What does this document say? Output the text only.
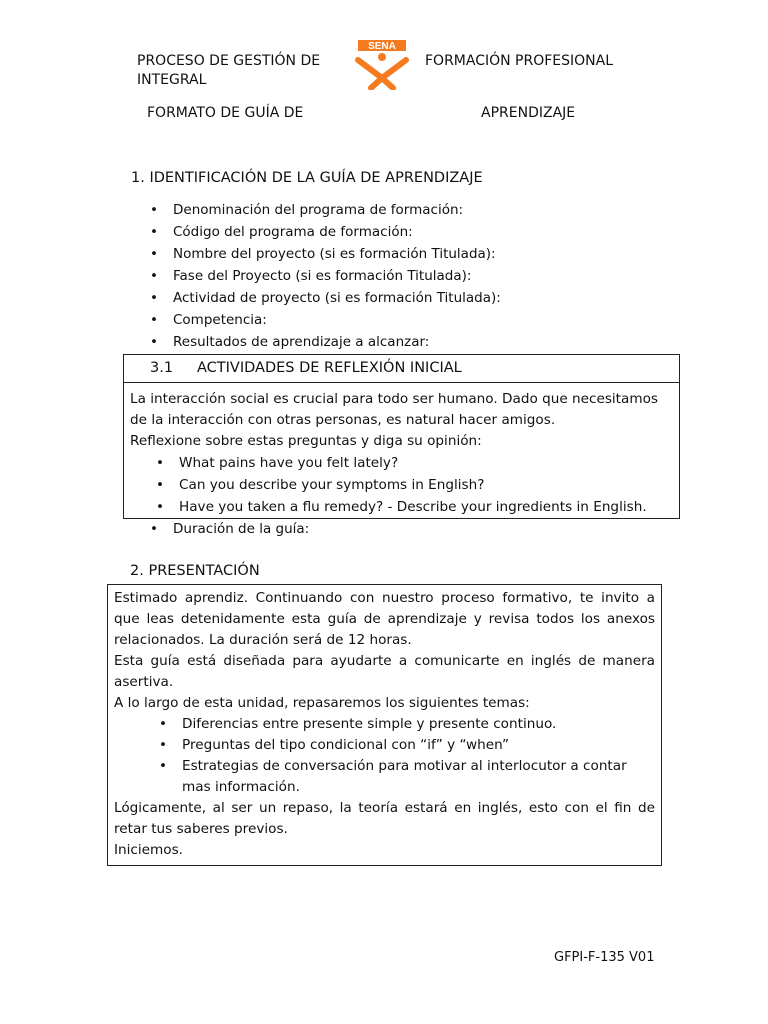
PROCESO DE GESTIÓN DE
INTEGRAL
SENA
FORMACIÓN PROFESIONAL
FORMATO DE GUÍA DE	APRENDIZAJE
1. IDENTIFICACIÓN DE LA GUÍA DE APRENDIZAJE
• Denominación del programa de formación:
• Código del programa de formación:
• Nombre del proyecto (si es formación Titulada):
• Fase del Proyecto (si es formación Titulada):
• Actividad de proyecto (si es formación Titulada):
• Competencia:
• Resultados de aprendizaje a alcanzar:
3.1 ACTIVIDADES DE REFLEXIÓN INICIAL
La interacción social es crucial para todo ser humano. Dado que necesitamos de la interacción con otras personas, es natural hacer amigos.
Reflexione sobre estas preguntas y diga su opinión:
• What pains have you felt lately?
• Can you describe your symptoms in English?
• Have you taken a flu remedy? - Describe your ingredients in English.
• Duración de la guía:
2. PRESENTACIÓN
Estimado aprendiz. Continuando con nuestro proceso formativo, te invito a que leas detenidamente esta guía de aprendizaje y revisa todos los anexos relacionados. La duración será de 12 horas.
Esta guía está diseñada para ayudarte a comunicarte en inglés de manera asertiva.
A lo largo de esta unidad, repasaremos los siguientes temas:
• Diferencias entre presente simple y presente continuo.
• Preguntas del tipo condicional con “if” y “when”
• Estrategias de conversación para motivar al interlocutor a contar mas información.
Lógicamente, al ser un repaso, la teoría estará en inglés, esto con el fin de retar tus saberes previos.
Iniciemos.
GFPI-F-135 V01
